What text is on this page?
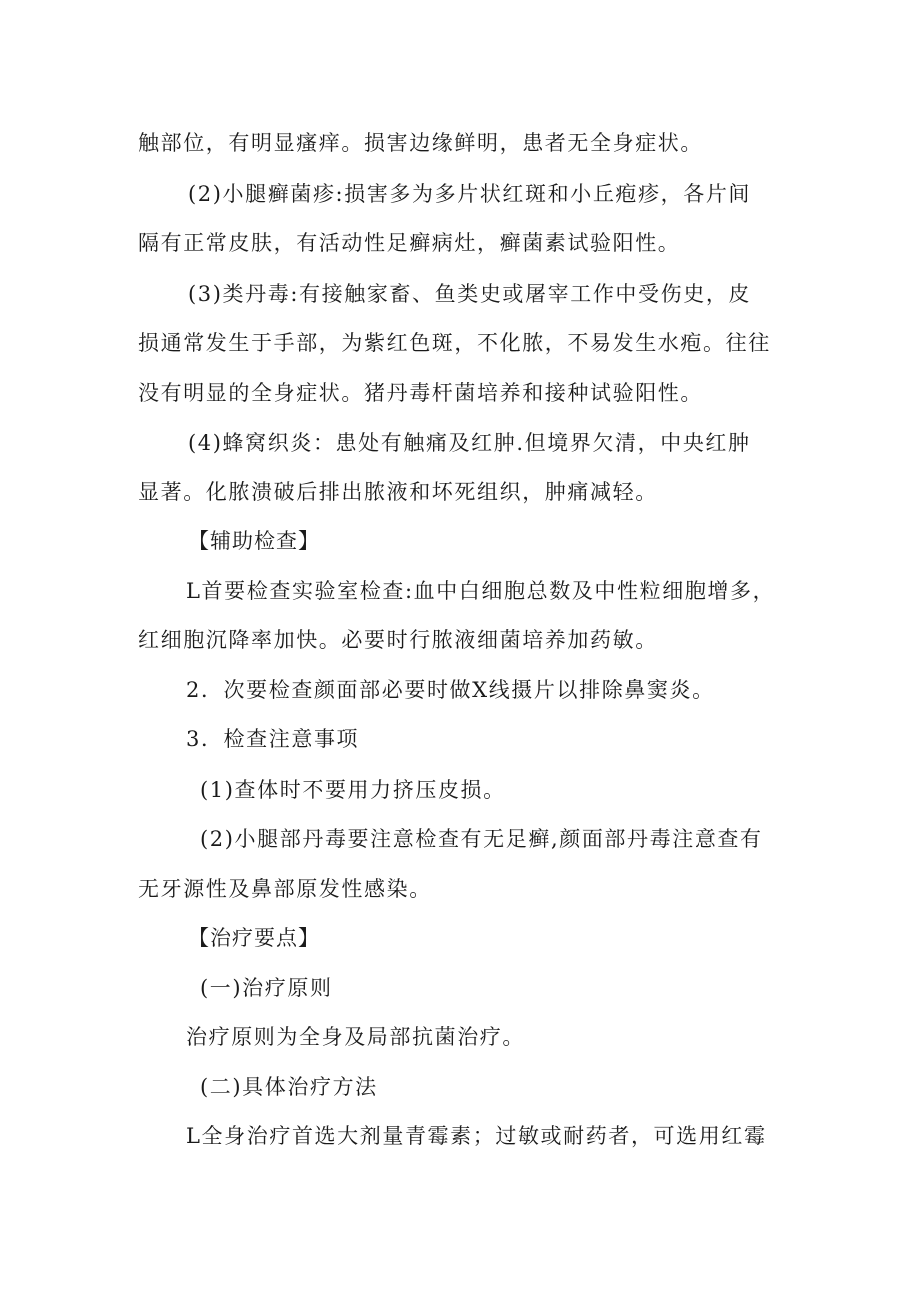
触部位，有明显瘙痒。损害边缘鲜明，患者无全身症状。
(2)小腿癣菌疹:损害多为多片状红斑和小丘疱疹，各片间
隔有正常皮肤，有活动性足癣病灶，癣菌素试验阳性。
(3)类丹毒:有接触家畜、鱼类史或屠宰工作中受伤史，皮
损通常发生于手部，为紫红色斑，不化脓，不易发生水疱。往往
没有明显的全身症状。猪丹毒杆菌培养和接种试验阳性。
(4)蜂窝织炎：患处有触痛及红肿.但境界欠清，中央红肿
显著。化脓溃破后排出脓液和坏死组织，肿痛减轻。
【辅助检查】
L首要检查实验室检查:血中白细胞总数及中性粒细胞增多，
红细胞沉降率加快。必要时行脓液细菌培养加药敏。
2．次要检查颜面部必要时做X线摄片以排除鼻窦炎。
3．检查注意事项
(1)查体时不要用力挤压皮损。
(2)小腿部丹毒要注意检查有无足癣,颜面部丹毒注意查有
无牙源性及鼻部原发性感染。
【治疗要点】
(一)治疗原则
治疗原则为全身及局部抗菌治疗。
(二)具体治疗方法
L全身治疗首选大剂量青霉素；过敏或耐药者，可选用红霉
